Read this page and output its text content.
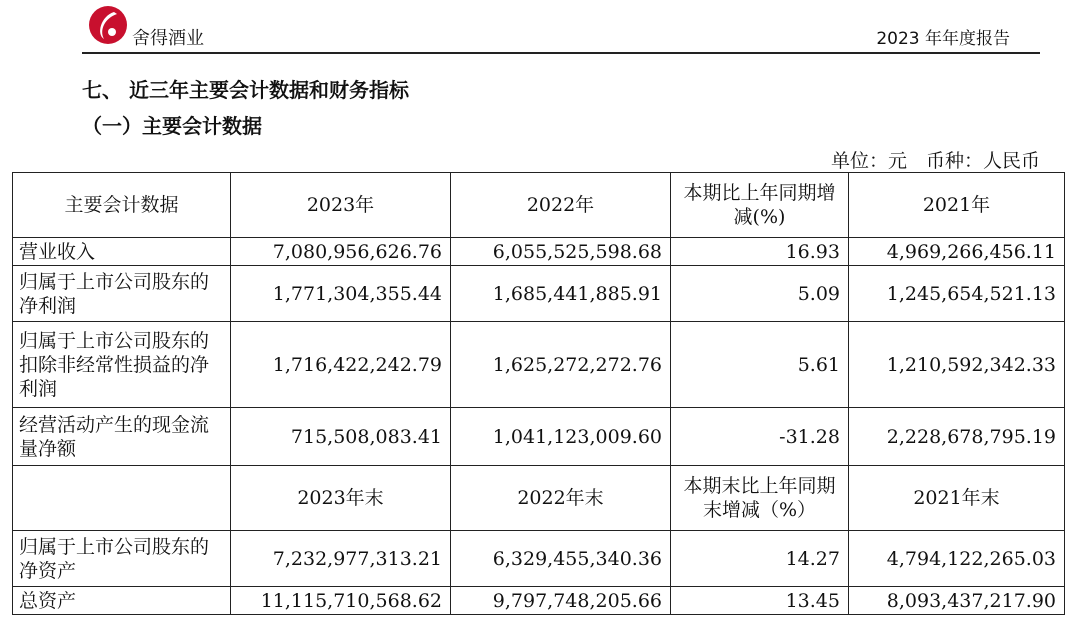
舍得酒业	2023 年年度报告
七、 近三年主要会计数据和财务指标
（一）主要会计数据
单位：元　币种：人民币
主要会计数据	2023年	2022年	本期比上年同期增减(%)	2021年
营业收入	7,080,956,626.76	6,055,525,598.68	16.93	4,969,266,456.11
归属于上市公司股东的净利润	1,771,304,355.44	1,685,441,885.91	5.09	1,245,654,521.13
归属于上市公司股东的扣除非经常性损益的净利润	1,716,422,242.79	1,625,272,272.76	5.61	1,210,592,342.33
经营活动产生的现金流量净额	715,508,083.41	1,041,123,009.60	-31.28	2,228,678,795.19
	2023年末	2022年末	本期末比上年同期末增减（%）	2021年末
归属于上市公司股东的净资产	7,232,977,313.21	6,329,455,340.36	14.27	4,794,122,265.03
总资产	11,115,710,568.62	9,797,748,205.66	13.45	8,093,437,217.90
